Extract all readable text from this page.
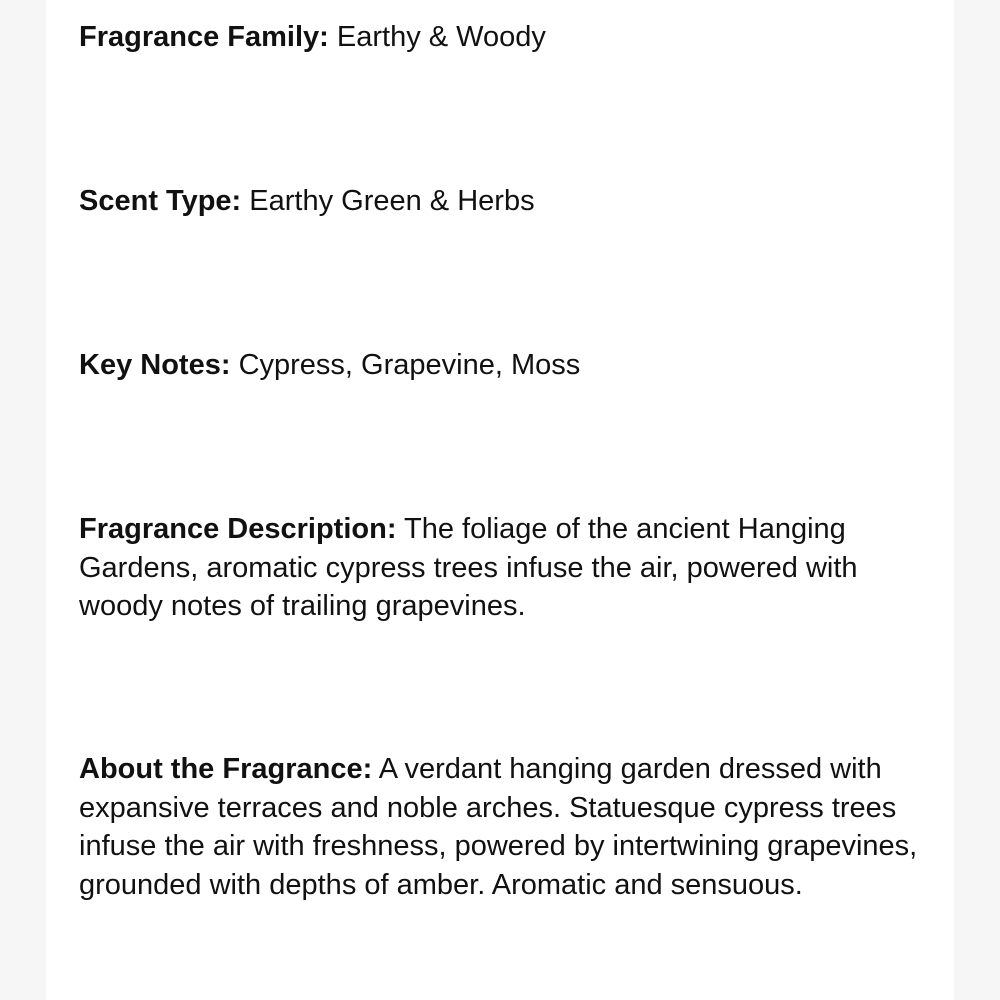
Fragrance Family: Earthy & Woody

Scent Type: Earthy Green & Herbs

Key Notes: Cypress, Grapevine, Moss

Fragrance Description: The foliage of the ancient Hanging Gardens, aromatic cypress trees infuse the air, powered with woody notes of trailing grapevines.

About the Fragrance: A verdant hanging garden dressed with expansive terraces and noble arches. Statuesque cypress trees infuse the air with freshness, powered by intertwining grapevines, grounded with depths of amber. Aromatic and sensuous.
